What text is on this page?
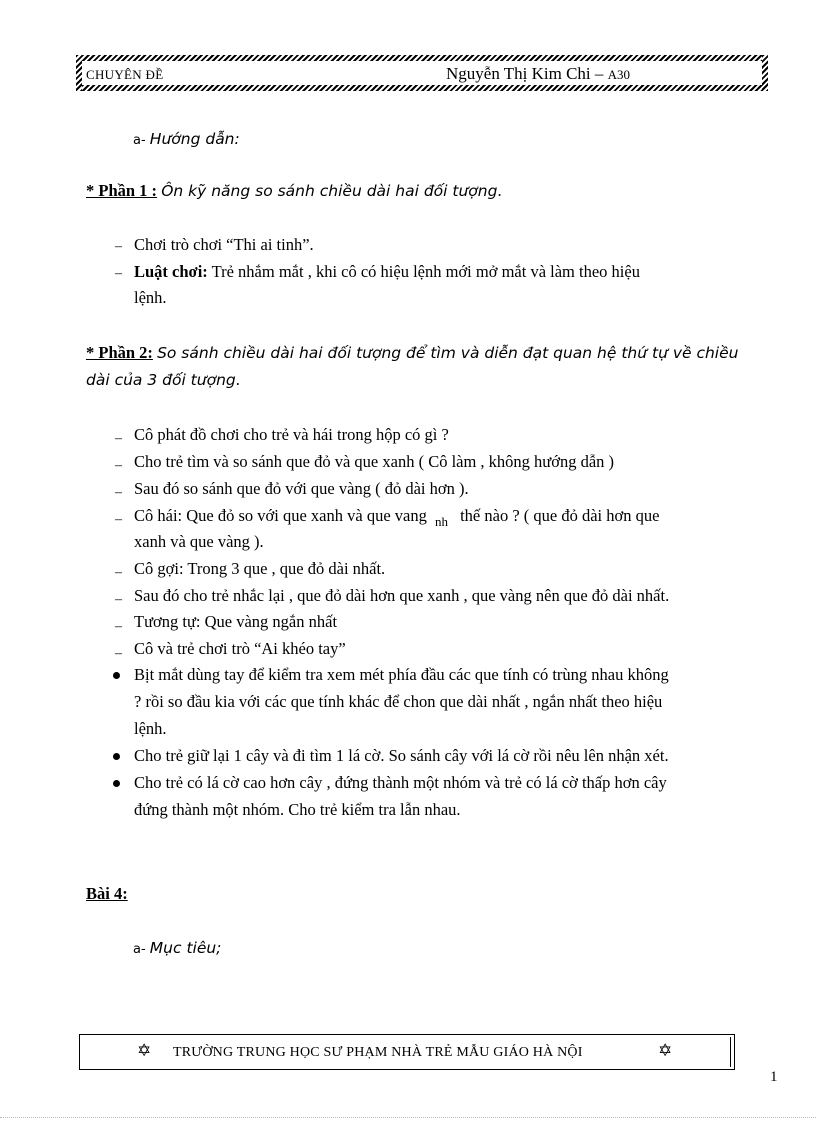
CHUYÊN ĐỀ	Nguyễn Thị Kim Chi – A30
a- Hướng dẫn:
* Phần 1 : Ôn kỹ năng so sánh chiều dài hai đối tượng.
– Chơi trò chơi “Thi ai tinh”.
– Luật chơi: Trẻ nhắm mắt , khi cô có hiệu lệnh mới mở mắt và làm theo hiệu
lệnh.
* Phần 2: So sánh chiều dài hai đối tượng để tìm và diễn đạt quan hệ thứ tự về chiều
dài của 3 đối tượng.
– Cô phát đồ chơi cho trẻ và hái trong hộp có gì ?
– Cho trẻ tìm và so sánh que đỏ và que xanh ( Cô làm , không hướng dẫn )
– Sau đó so sánh que đỏ với que vàng ( đỏ dài hơn ).
– Cô hái: Que đỏ so với que xanh và que vang $_{nh}$ thế nào ? ( que đỏ dài hơn que
xanh và que vàng ).
– Cô gợi: Trong 3 que , que đỏ dài nhất.
– Sau đó cho trẻ nhắc lại , que đỏ dài hơn que xanh , que vàng nên que đỏ dài nhất.
– Tương tự: Que vàng ngắn nhất
– Cô và trẻ chơi trò “Ai khéo tay”
Bịt mắt dùng tay để kiểm tra xem mét phía đầu các que tính có trùng nhau không
? rồi so đầu kia với các que tính khác để chon que dài nhất , ngắn nhất theo hiệu
lệnh.
Cho trẻ giữ lại 1 cây và đi tìm 1 lá cờ. So sánh cây với lá cờ rồi nêu lên nhận xét.
Cho trẻ có lá cờ cao hơn cây , đứng thành một nhóm và trẻ có lá cờ thấp hơn cây
đứng thành một nhóm. Cho trẻ kiểm tra lẫn nhau.
Bài 4:
a- Mục tiêu;
✡ TRƯỜNG TRUNG HỌC SƯ PHẠM NHÀ TRẺ MẪU GIÁO HÀ NỘI	✡
1
